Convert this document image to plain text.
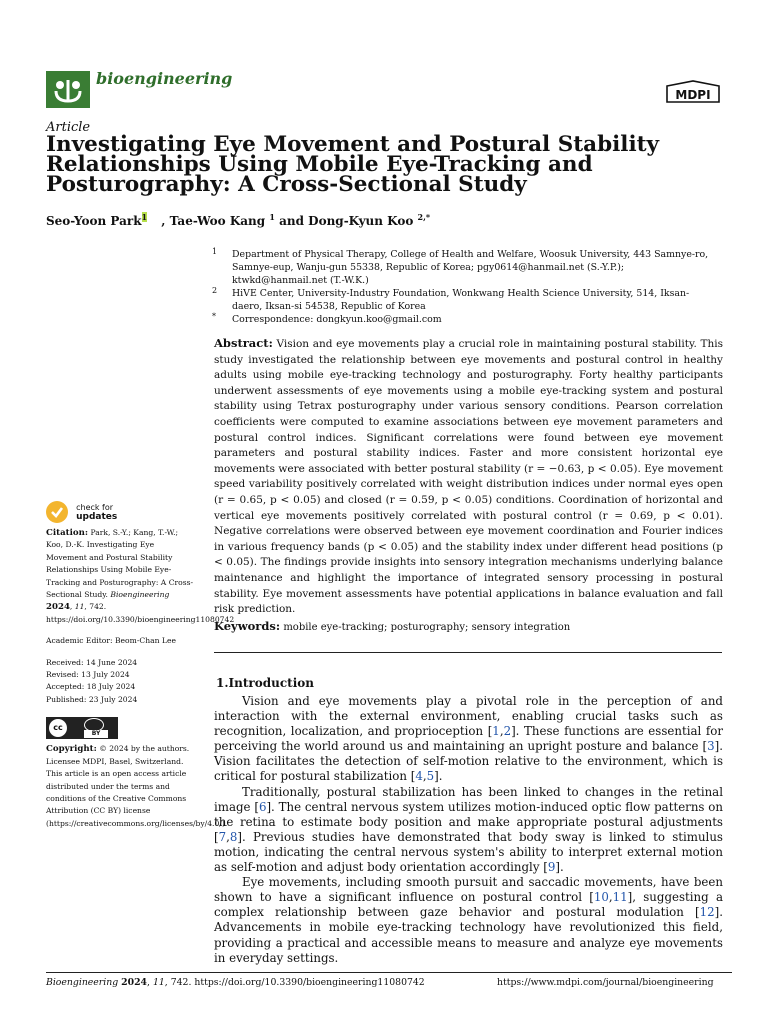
bioengineering
MDPI
Article
Investigating Eye Movement and Postural Stability Relationships Using Mobile Eye-Tracking and Posturography: A Cross-Sectional Study
Seo-Yoon Park$^1$ , Tae-Woo Kang $^1$ and Dong-Kyun Koo $^{2,*}$
1 Department of Physical Therapy, College of Health and Welfare, Woosuk University, 443 Samnye-ro, Samnye-eup, Wanju-gun 55338, Republic of Korea; pgy0614@hanmail.net (S.-Y.P.); ktwkd@hanmail.net (T.-W.K.)
2 HiVE Center, University-Industry Foundation, Wonkwang Health Science University, 514, Iksan-daero, Iksan-si 54538, Republic of Korea
* Correspondence: dongkyun.koo@gmail.com
Abstract: Vision and eye movements play a crucial role in maintaining postural stability. This study investigated the relationship between eye movements and postural control in healthy adults using mobile eye-tracking technology and posturography. Forty healthy participants underwent assessments of eye movements using a mobile eye-tracking system and postural stability using Tetrax posturography under various sensory conditions. Pearson correlation coefficients were computed to examine associations between eye movement parameters and postural control indices. Significant correlations were found between eye movement parameters and postural stability indices. Faster and more consistent horizontal eye movements were associated with better postural stability (r = −0.63, p < 0.05). Eye movement speed variability positively correlated with weight distribution indices under normal eyes open (r = 0.65, p < 0.05) and closed (r = 0.59, p < 0.05) conditions. Coordination of horizontal and vertical eye movements positively correlated with postural control (r = 0.69, p < 0.01). Negative correlations were observed between eye movement coordination and Fourier indices in various frequency bands (p < 0.05) and the stability index under different head positions (p < 0.05). The findings provide insights into sensory integration mechanisms underlying balance maintenance and highlight the importance of integrated sensory processing in postural stability. Eye movement assessments have potential applications in balance evaluation and fall risk prediction.
Keywords: mobile eye-tracking; posturography; sensory integration
check for
updates
Citation: Park, S.-Y.; Kang, T.-W.; Koo, D.-K. Investigating Eye Movement and Postural Stability Relationships Using Mobile Eye-Tracking and Posturography: A Cross-Sectional Study. Bioengineering 2024, 11, 742. https://doi.org/10.3390/bioengineering11080742
Academic Editor: Beom-Chan Lee
Received: 14 June 2024
Revised: 13 July 2024
Accepted: 18 July 2024
Published: 23 July 2024
cc
BY
Copyright: © 2024 by the authors. Licensee MDPI, Basel, Switzerland. This article is an open access article distributed under the terms and conditions of the Creative Commons Attribution (CC BY) license (https://creativecommons.org/licenses/by/4.0/).
1.Introduction

Vision and eye movements play a pivotal role in the perception of and interaction with the external environment, enabling crucial tasks such as recognition, localization, and proprioception [1,2]. These functions are essential for perceiving the world around us and maintaining an upright posture and balance [3]. Vision facilitates the detection of self-motion relative to the environment, which is critical for postural stabilization [4,5].

Traditionally, postural stabilization has been linked to changes in the retinal image [6]. The central nervous system utilizes motion-induced optic flow patterns on the retina to estimate body position and make appropriate postural adjustments [7,8]. Previous studies have demonstrated that body sway is linked to stimulus motion, indicating the central nervous system's ability to interpret external motion as self-motion and adjust body orientation accordingly [9].

Eye movements, including smooth pursuit and saccadic movements, have been shown to have a significant influence on postural control [10,11], suggesting a complex relationship between gaze behavior and postural modulation [12]. Advancements in mobile eye-tracking technology have revolutionized this field, providing a practical and accessible means to measure and analyze eye movements in everyday settings.

Bioengineering 2024, 11, 742. https://doi.org/10.3390/bioengineering11080742	https://www.mdpi.com/journal/bioengineering
